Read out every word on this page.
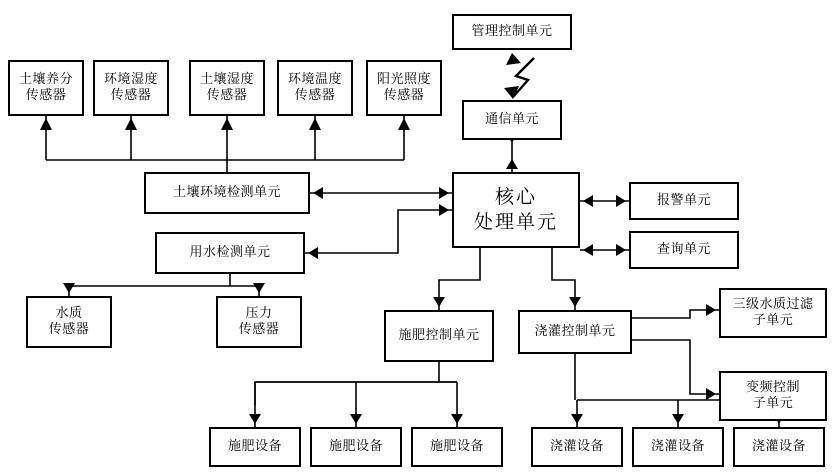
管理控制单元
通信单元
土壤养分
传感器
环境湿度
传感器
土壤湿度
传感器
环境温度
传感器
阳光照度
传感器
土壤环境检测单元
用水检测单元
水质
传感器
压力
传感器
核心
处理单元
报警单元
查询单元
施肥控制单元	浇灌控制单元
三级水质过滤
子单元
变频控制
子单元
施肥设备	施肥设备	施肥设备	浇灌设备	浇灌设备	浇灌设备
